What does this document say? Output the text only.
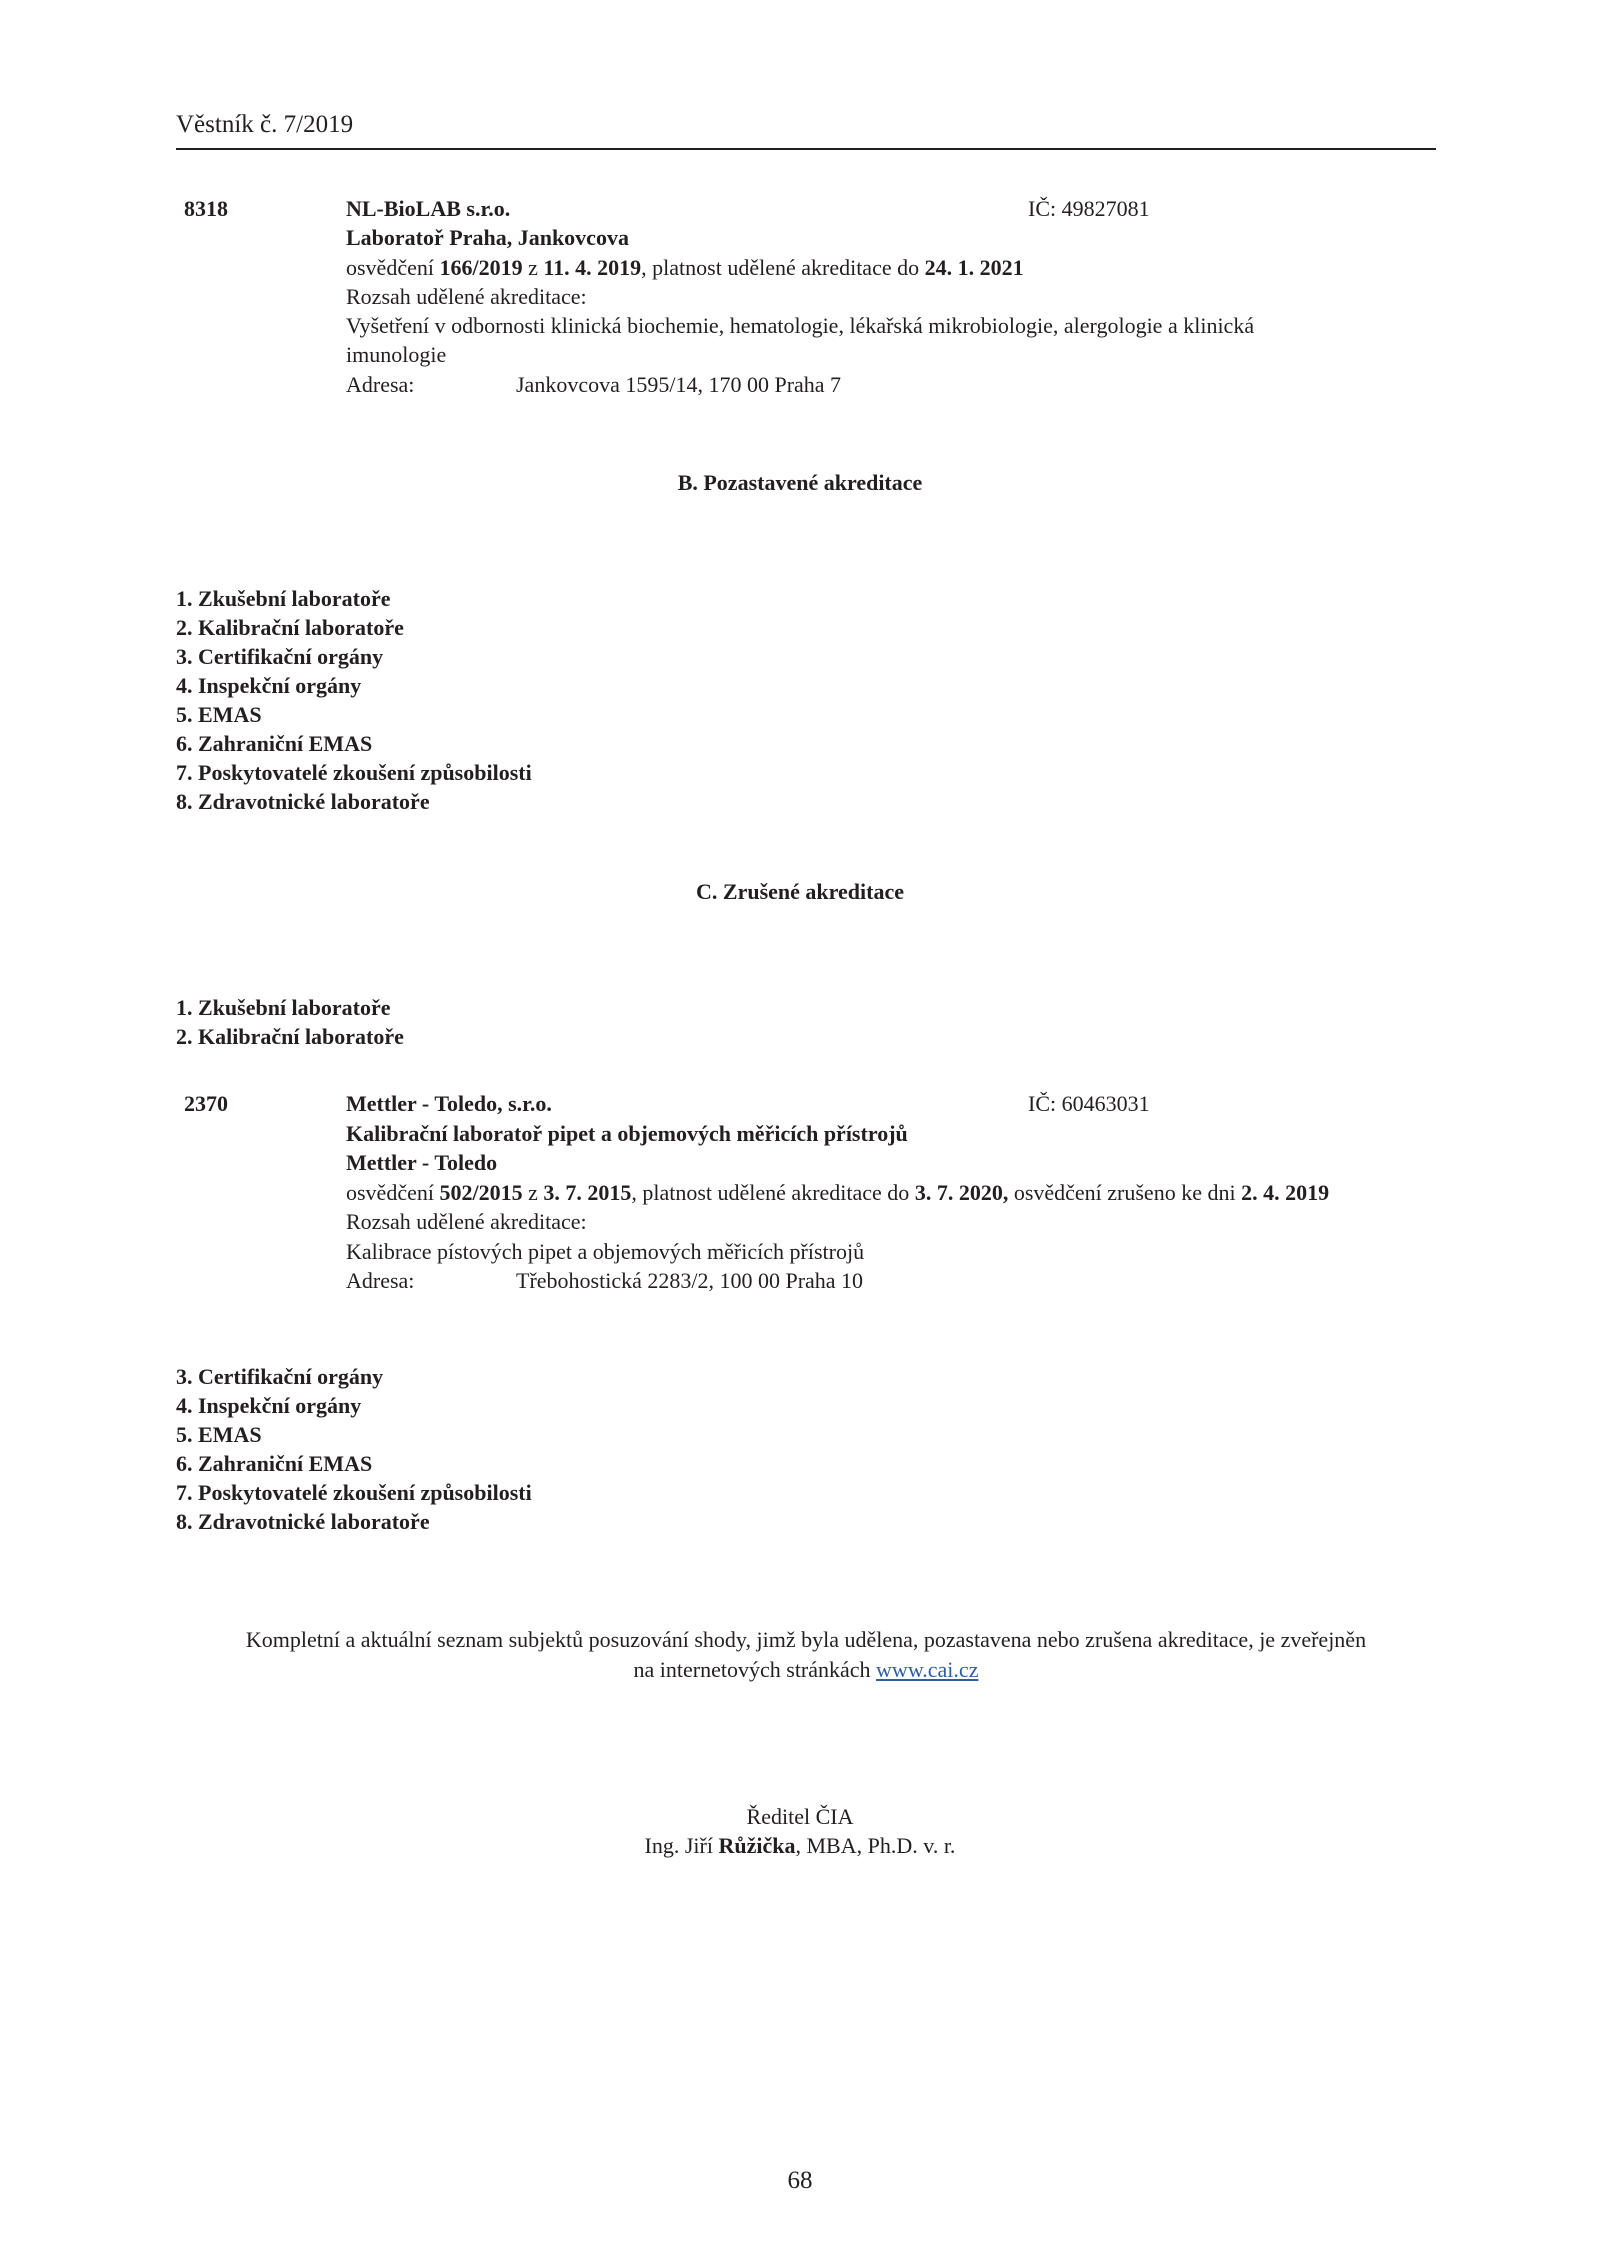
Věstník č. 7/2019
8318	NL-BioLAB s.r.o.	IČ: 49827081
Laboratoř Praha, Jankovcova
osvědčení 166/2019 z 11. 4. 2019, platnost udělené akreditace do 24. 1. 2021
Rozsah udělené akreditace:
Vyšetření v odbornosti klinická biochemie, hematologie, lékařská mikrobiologie, alergologie a klinická
imunologie
Adresa:	Jankovcova 1595/14, 170 00 Praha 7
B. Pozastavené akreditace
1. Zkušební laboratoře
2. Kalibrační laboratoře
3. Certifikační orgány
4. Inspekční orgány
5. EMAS
6. Zahraniční EMAS
7. Poskytovatelé zkoušení způsobilosti
8. Zdravotnické laboratoře
C. Zrušené akreditace
1. Zkušební laboratoře
2. Kalibrační laboratoře
2370	Mettler - Toledo, s.r.o.	IČ: 60463031
Kalibrační laboratoř pipet a objemových měřicích přístrojů
Mettler - Toledo
osvědčení 502/2015 z 3. 7. 2015, platnost udělené akreditace do 3. 7. 2020, osvědčení zrušeno ke dni 2. 4. 2019
Rozsah udělené akreditace:
Kalibrace pístových pipet a objemových měřicích přístrojů
Adresa:	Třebohostická 2283/2, 100 00 Praha 10
3. Certifikační orgány
4. Inspekční orgány
5. EMAS
6. Zahraniční EMAS
7. Poskytovatelé zkoušení způsobilosti
8. Zdravotnické laboratoře
Kompletní a aktuální seznam subjektů posuzování shody, jimž byla udělena, pozastavena nebo zrušena akreditace, je zveřejněn
na internetových stránkách www.cai.cz
Ředitel ČIA
Ing. Jiří Růžička, MBA, Ph.D. v. r.
68
